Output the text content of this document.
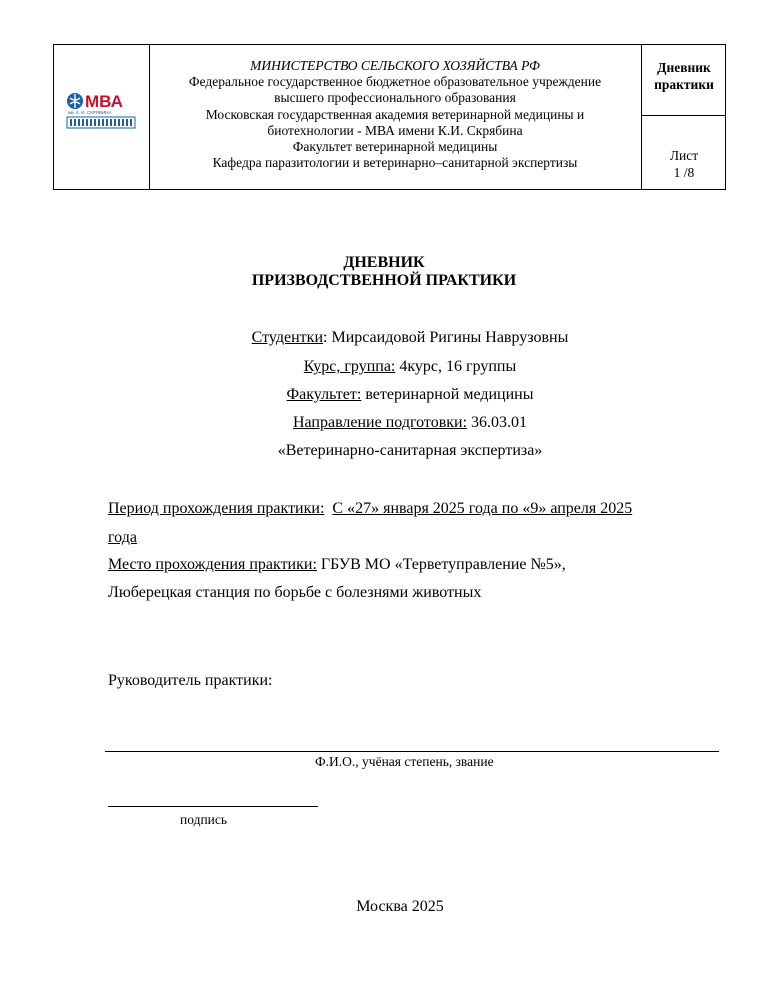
МВА
им. К. И. СКРЯБИНА
МИНИСТЕРСТВО СЕЛЬСКОГО ХОЗЯЙСТВА РФ
Федеральное государственное бюджетное образовательное учреждение
высшего профессионального образования
Московская государственная академия ветеринарной медицины и
биотехнологии - МВА имени К.И. Скрябина
Факультет ветеринарной медицины
Кафедра паразитологии и ветеринарно–санитарной экспертизы
Дневник
практики
Лист
1 /8
ДНЕВНИК
ПРИЗВОДСТВЕННОЙ ПРАКТИКИ
Студентки: Мирсаидовой Ригины Наврузовны
Курс, группа: 4курс, 16 группы
Факультет: ветеринарной медицины
Направление подготовки: 36.03.01
«Ветеринарно-санитарная экспертиза»
Период прохождения практики: С «27» января 2025 года по «9» апреля 2025
года
Место прохождения практики: ГБУВ МО «Терветуправление №5»,
Люберецкая станция по борьбе с болезнями животных
Руководитель практики:
Ф.И.О., учёная степень, звание
подпись
Москва 2025
